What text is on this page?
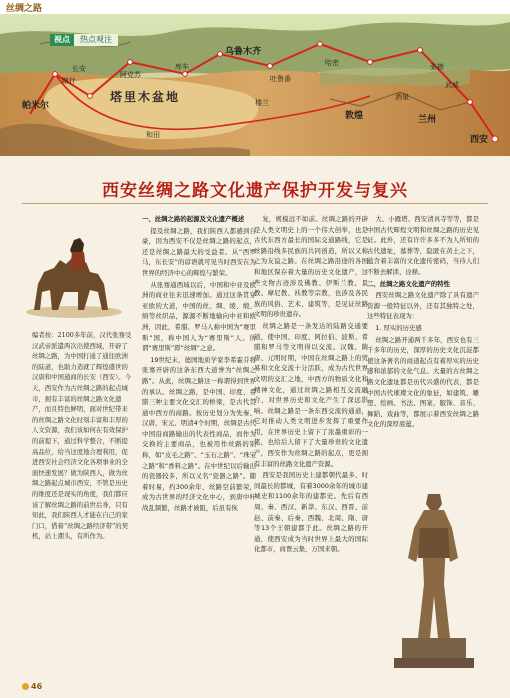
丝绸之路
乌鲁木齐
塔里木盆地
帕米尔
喀什
和田
敦煌	兰州
西安
酒泉
哈密
阿克苏
楼兰
库车
吐鲁番
张掖
武威
长安
视点	热点观注
西安丝绸之路文化遗产保护开发与复兴
编者按：2100多年前，汉代张骞受汉武帝派遣两次出使西域，开辟了丝绸之路，为中国打通了通往欧洲的陆道，也助力造就了辉煌盛世的汉唐和中国通商的长安（西安）。今天，西安作为古丝绸之路的起点城市，拥有丰富的丝绸之路文化遗产，而且特色鲜明，面对世纪带来的丝绸之路文化时刻丰富和丰厚的人文资源，我们该如何在有效保护的前提下，通过科学整合，不断提高品位，给当这度地合理利用，促进西安社会经济文化各项事业的全面快速发展？做为陕西人，做为丝绸之路起点城市西安，不管是历史的维度还是现实的角度，我们都应该了解丝绸之路的前世后身，只有知此，我们陕西人才能在自己的家门口，借着“丝绸之路经济带”的契机，站上潮头，有所作为。

一、丝绸之路的起源及文化遗产概述

提及丝绸之路，我们陕西人都感到自豪，因为西安不仅是丝绸之路的起点，还是丝绸之路最大的受益者。从“西罗马，东长安”的谚语就可见当时西安在为世界的经济中心的辉煌与繁荣。

从张骞通西域以后，中国和中亚及欧洲的商业往来迅速增加。通过这条贯穿亚欧的大道，中国的丝、绸、绫、缎、绢等丝织品，源源不断地输向中亚和欧洲，因此，希腊、罗马人称中国为“赛里斯”国，称中国人为“赛里斯”人。所谓“赛里斯”即“丝绸”之意。

19世纪末，德国地质学家李希霍芬将张骞开辟的这条东西大道誉为“丝绸之路”。从此，丝绸之路这一称谓得到世界的承认。丝绸之路，是中国、印度、希腊三种主要文化交汇的桥梁，是古代贯通中西方的商路。按历史划分为先秦、汉唐、宋元、明清4个时期，丝绸是古代中国沿商路输出的代表性商品，而作为交换的主要商品，也被用作丝路的别称，如“皮毛之路”、“玉石之路”、“珠宝之路”和“香料之路”。在中世纪以后输出的瓷器较多，所以又名“瓷器之路”。随着时易，约300余年，丝路空前繁荣，成为古世界的经济文化中心，到唐中叶战乱频繁，丝路才被阻，后虽有恢

复，规模远不如前。丝绸之路的开辟是人类文明史上的一个伟大创举，也是古代东西方最长的国际交通路线，它是丝路沿线多民族的共同创造，所以又称之为友谊之路。在丝绸之路沿途的各国和地区保存着大量的历史文化遗产，这些文物古迹涉及佛教、伊斯兰教、景教、摩尼教、袄教等宗教，也涉及各民族的风俗、艺术、建筑等，是见证丝路文明的珍贵遗存。

丝绸之路是一条发达的陆路交通要道，使中国、印度、阿拉伯、波斯、希腊和罗马等文明得以交流。汉魏、隋唐、元明时期，中国在丝绸之路上的贸易和文化交流十分活跃，成为古代世界文明的交汇之地，中西方的物质文化和精神文化，通过丝绸之路相互交流融合，对世界历史和文化产生了深远影响。丝绸之路是一条东西交流的通道，它对推动人类文明进步发挥了重要作用，在世界历史上留下了浓墨重彩的一笔，也给后人留下了大量珍贵的文化遗产，西安作为丝绸之路的起点，更是拥有丰富的丝路文化遗产资源。

西安是我国历史上建都朝代最多、时间最长的都城，有着3000余年的城市建城史和1100余年的建都史。先后有西周、秦、西汉、新莽、东汉、西晋、前赵、前秦、后秦、西魏、北周、隋、唐等13个王朝建都于此。丝绸之路的开通，使西安成为当时世界上最大的国际化都市，商贾云集，万国来朝。

大、小雁塔、西安清真寺等等，都是中国古代辉煌文明和丝绸之路的历史见证。此外，还有许许多多不为人所知的古代遗址，墓葬等，隐匿在黄土之下，蕴含着丰富的文化遗传密码，当待人们不断去解读、诠释。

二、丝绸之路文化遗产的特性

西安丝绸之路文化遗产除了具有遗产资源一般特征以外，还有其独特之处，这些特征表现为：

1. 厚实的历史感

丝绸之路开通两千多年，西安也有三千多年的历史，深厚的历史文化沉淀都使这条著名的商道起点有着厚实的历史感和浓郁的文化气息。大量的古丝绸之路文化遗址都是历代兴盛的代表，都是中国古代璀璨文化的象征，如建筑、雕塑、绘画、书法、图案、服饰、音乐、舞蹈、戏曲等，都展示着西安丝绸之路文化的深厚底蕴。

46
